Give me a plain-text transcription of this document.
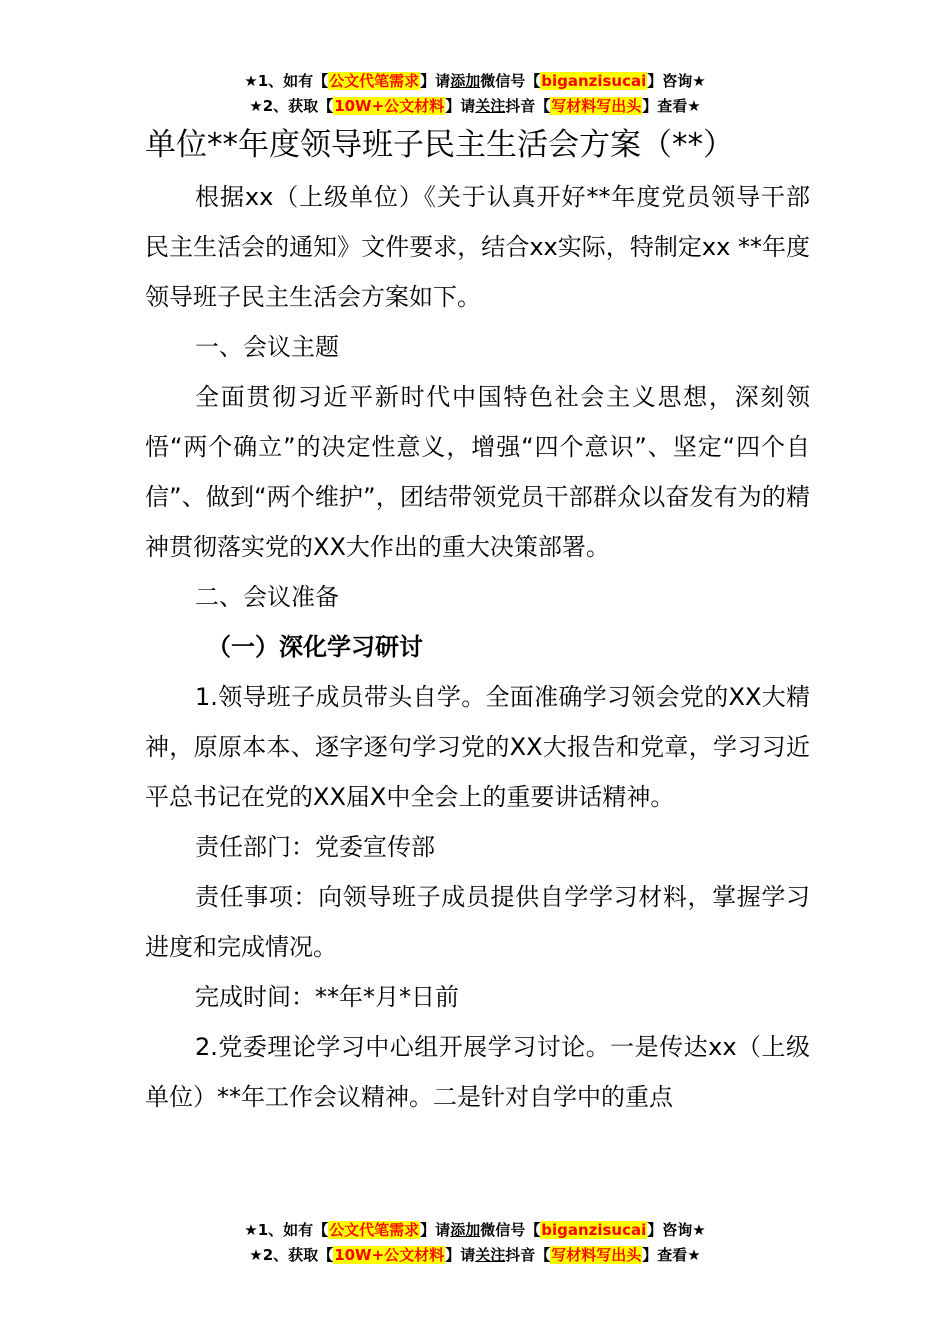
★1、如有【公文代笔需求】请添加微信号【biganzisucai】咨询★
★2、获取【10W+公文材料】请关注抖音【写材料写出头】查看★
单位**年度领导班子民主生活会方案（**）

根据xx（上级单位）《关于认真开好**年度党员领导干部民主生活会的通知》文件要求，结合xx实际，特制定xx **年度领导班子民主生活会方案如下。

一、会议主题

全面贯彻习近平新时代中国特色社会主义思想，深刻领悟“两个确立”的决定性意义，增强“四个意识”、坚定“四个自信”、做到“两个维护”，团结带领党员干部群众以奋发有为的精神贯彻落实党的XX大作出的重大决策部署。

二、会议准备

（一）深化学习研讨

1.领导班子成员带头自学。全面准确学习领会党的XX大精神，原原本本、逐字逐句学习党的XX大报告和党章，学习习近平总书记在党的XX届X中全会上的重要讲话精神。

责任部门：党委宣传部

责任事项：向领导班子成员提供自学学习材料，掌握学习进度和完成情况。

完成时间：**年*月*日前

2.党委理论学习中心组开展学习讨论。一是传达xx（上级单位）**年工作会议精神。二是针对自学中的重点

★1、如有【公文代笔需求】请添加微信号【biganzisucai】咨询★
★2、获取【10W+公文材料】请关注抖音【写材料写出头】查看★
